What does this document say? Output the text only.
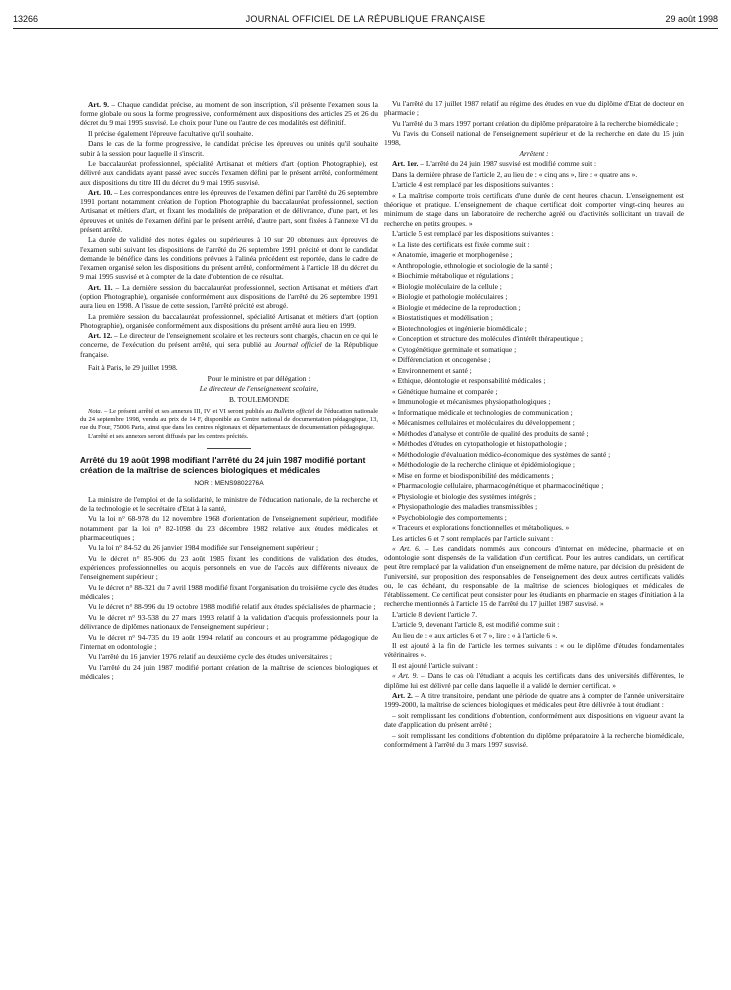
13266	JOURNAL OFFICIEL DE LA RÉPUBLIQUE FRANÇAISE	29 août 1998

Art. 9. – Chaque candidat précise, au moment de son inscription, s'il présente l'examen sous la forme globale ou sous la forme progressive, conformément aux dispositions des articles 25 et 26 du décret du 9 mai 1995 susvisé. Le choix pour l'une ou l'autre de ces modalités est définitif.

Il précise également l'épreuve facultative qu'il souhaite.

Dans le cas de la forme progressive, le candidat précise les épreuves ou unités qu'il souhaite subir à la session pour laquelle il s'inscrit.

Le baccalauréat professionnel, spécialité Artisanat et métiers d'art (option Photographie), est délivré aux candidats ayant passé avec succès l'examen défini par le présent arrêté, conformément aux dispositions du titre III du décret du 9 mai 1995 susvisé.

Art. 10. – Les correspondances entre les épreuves de l'examen défini par l'arrêté du 26 septembre 1991 portant notamment création de l'option Photographie du baccalauréat professionnel, section Artisanat et métiers d'art, et fixant les modalités de préparation et de délivrance, d'une part, et les épreuves et unités de l'examen défini par le présent arrêté, d'autre part, sont fixées à l'annexe VI du présent arrêté.

La durée de validité des notes égales ou supérieures à 10 sur 20 obtenues aux épreuves de l'examen subi suivant les dispositions de l'arrêté du 26 septembre 1991 précité et dont le candidat demande le bénéfice dans les conditions prévues à l'alinéa précédent est reportée, dans le cadre de l'examen organisé selon les dispositions du présent arrêté, conformément à l'article 18 du décret du 9 mai 1995 susvisé et à compter de la date d'obtention de ce résultat.

Art. 11. – La dernière session du baccalauréat professionnel, section Artisanat et métiers d'art (option Photographie), organisée conformément aux dispositions de l'arrêté du 26 septembre 1991 aura lieu en 1998. A l'issue de cette session, l'arrêté précité est abrogé.

La première session du baccalauréat professionnel, spécialité Artisanat et métiers d'art (option Photographie), organisée conformément aux dispositions du présent arrêté aura lieu en 1999.

Art. 12. – Le directeur de l'enseignement scolaire et les recteurs sont chargés, chacun en ce qui le concerne, de l'exécution du présent arrêté, qui sera publié au Journal officiel de la République française.

Fait à Paris, le 29 juillet 1998.

Pour le ministre et par délégation :

Le directeur de l'enseignement scolaire,

B. TOULEMONDE

Nota. – Le présent arrêté et ses annexes III, IV et VI seront publiés au Bulletin officiel de l'éducation nationale du 24 septembre 1998, vendu au prix de 14 F, disponible au Centre national de documentation pédagogique, 13, rue du Four, 75006 Paris, ainsi que dans les centres régionaux et départementaux de documentation pédagogique.

L'arrêté et ses annexes seront diffusés par les centres précités.

Arrêté du 19 août 1998 modifiant l'arrêté du 24 juin 1987 modifié portant création de la maîtrise de sciences biologiques et médicales

NOR : MENS9802276A

La ministre de l'emploi et de la solidarité, le ministre de l'éducation nationale, de la recherche et de la technologie et le secrétaire d'Etat à la santé,

Vu la loi n° 68-978 du 12 novembre 1968 d'orientation de l'enseignement supérieur, modifiée notamment par la loi n° 82-1098 du 23 décembre 1982 relative aux études médicales et pharmaceutiques ;

Vu la loi n° 84-52 du 26 janvier 1984 modifiée sur l'enseignement supérieur ;

Vu le décret n° 85-906 du 23 août 1985 fixant les conditions de validation des études, expériences professionnelles ou acquis personnels en vue de l'accès aux différents niveaux de l'enseignement supérieur ;

Vu le décret n° 88-321 du 7 avril 1988 modifié fixant l'organisation du troisième cycle des études médicales ;

Vu le décret n° 88-996 du 19 octobre 1988 modifié relatif aux études spécialisées de pharmacie ;

Vu le décret n° 93-538 du 27 mars 1993 relatif à la validation d'acquis professionnels pour la délivrance de diplômes nationaux de l'enseignement supérieur ;

Vu le décret n° 94-735 du 19 août 1994 relatif au concours et au programme pédagogique de l'internat en odontologie ;

Vu l'arrêté du 16 janvier 1976 relatif au deuxième cycle des études universitaires ;

Vu l'arrêté du 24 juin 1987 modifié portant création de la maîtrise de sciences biologiques et médicales ;

Vu l'arrêté du 17 juillet 1987 relatif au régime des études en vue du diplôme d'Etat de docteur en pharmacie ;

Vu l'arrêté du 3 mars 1997 portant création du diplôme préparatoire à la recherche biomédicale ;

Vu l'avis du Conseil national de l'enseignement supérieur et de la recherche en date du 15 juin 1998,

Arrêtent :

Art. 1er. – L'arrêté du 24 juin 1987 susvisé est modifié comme suit :

Dans la dernière phrase de l'article 2, au lieu de : « cinq ans », lire : « quatre ans ».

L'article 4 est remplacé par les dispositions suivantes :

« La maîtrise comporte trois certificats d'une durée de cent heures chacun. L'enseignement est théorique et pratique. L'enseignement de chaque certificat doit comporter vingt-cinq heures au minimum de stage dans un laboratoire de recherche agréé ou d'activités sollicitant un travail de recherche en petits groupes. »

L'article 5 est remplacé par les dispositions suivantes :

« La liste des certificats est fixée comme suit :

« Anatomie, imagerie et morphogenèse ;

« Anthropologie, ethnologie et sociologie de la santé ;

« Biochimie métabolique et régulations ;

« Biologie moléculaire de la cellule ;

« Biologie et pathologie moléculaires ;

« Biologie et médecine de la reproduction ;

« Biostatistiques et modélisation ;

« Biotechnologies et ingénierie biomédicale ;

« Conception et structure des molécules d'intérêt thérapeutique ;

« Cytogénétique germinale et somatique ;

« Différenciation et oncogenèse ;

« Environnement et santé ;

« Ethique, déontologie et responsabilité médicales ;

« Génétique humaine et comparée ;

« Immunologie et mécanismes physiopathologiques ;

« Informatique médicale et technologies de communication ;

« Mécanismes cellulaires et moléculaires du développement ;

« Méthodes d'analyse et contrôle de qualité des produits de santé ;

« Méthodes d'études en cytopathologie et histopathologie ;

« Méthodologie d'évaluation médico-économique des systèmes de santé ;

« Méthodologie de la recherche clinique et épidémiologique ;

« Mise en forme et biodisponibilité des médicaments ;

« Pharmacologie cellulaire, pharmacogénétique et pharmacocinétique ;

« Physiologie et biologie des systèmes intégrés ;

« Physiopathologie des maladies transmissibles ;

« Psychobiologie des comportements ;

« Traceurs et explorations fonctionnelles et métaboliques. »

Les articles 6 et 7 sont remplacés par l'article suivant :

« Art. 6. – Les candidats nommés aux concours d'internat en médecine, pharmacie et en odontologie sont dispensés de la validation d'un certificat. Pour les autres candidats, un certificat peut être remplacé par la validation d'un enseignement de même nature, par décision du président de l'université, sur proposition des responsables de l'enseignement des deux autres certificats validés ou, le cas échéant, du responsable de la maîtrise de sciences biologiques et médicales de l'établissement. Ce certificat peut consister pour les étudiants en pharmacie en stages d'initiation à la recherche mentionnés à l'article 15 de l'arrêté du 17 juillet 1987 susvisé. »

L'article 8 devient l'article 7.

L'article 9, devenant l'article 8, est modifié comme suit :

Au lieu de : « aux articles 6 et 7 », lire : « à l'article 6 ».

Il est ajouté à la fin de l'article les termes suivants : « ou le diplôme d'études fondamentales vétérinaires ».

Il est ajouté l'article suivant :

« Art. 9. – Dans le cas où l'étudiant a acquis les certificats dans des universités différentes, le diplôme lui est délivré par celle dans laquelle il a validé le dernier certificat. »

Art. 2. – A titre transitoire, pendant une période de quatre ans à compter de l'année universitaire 1999-2000, la maîtrise de sciences biologiques et médicales peut être délivrée à tout étudiant :

– soit remplissant les conditions d'obtention, conformément aux dispositions en vigueur avant la date d'application du présent arrêté ;

– soit remplissant les conditions d'obtention du diplôme préparatoire à la recherche biomédicale, conformément à l'arrêté du 3 mars 1997 susvisé.
